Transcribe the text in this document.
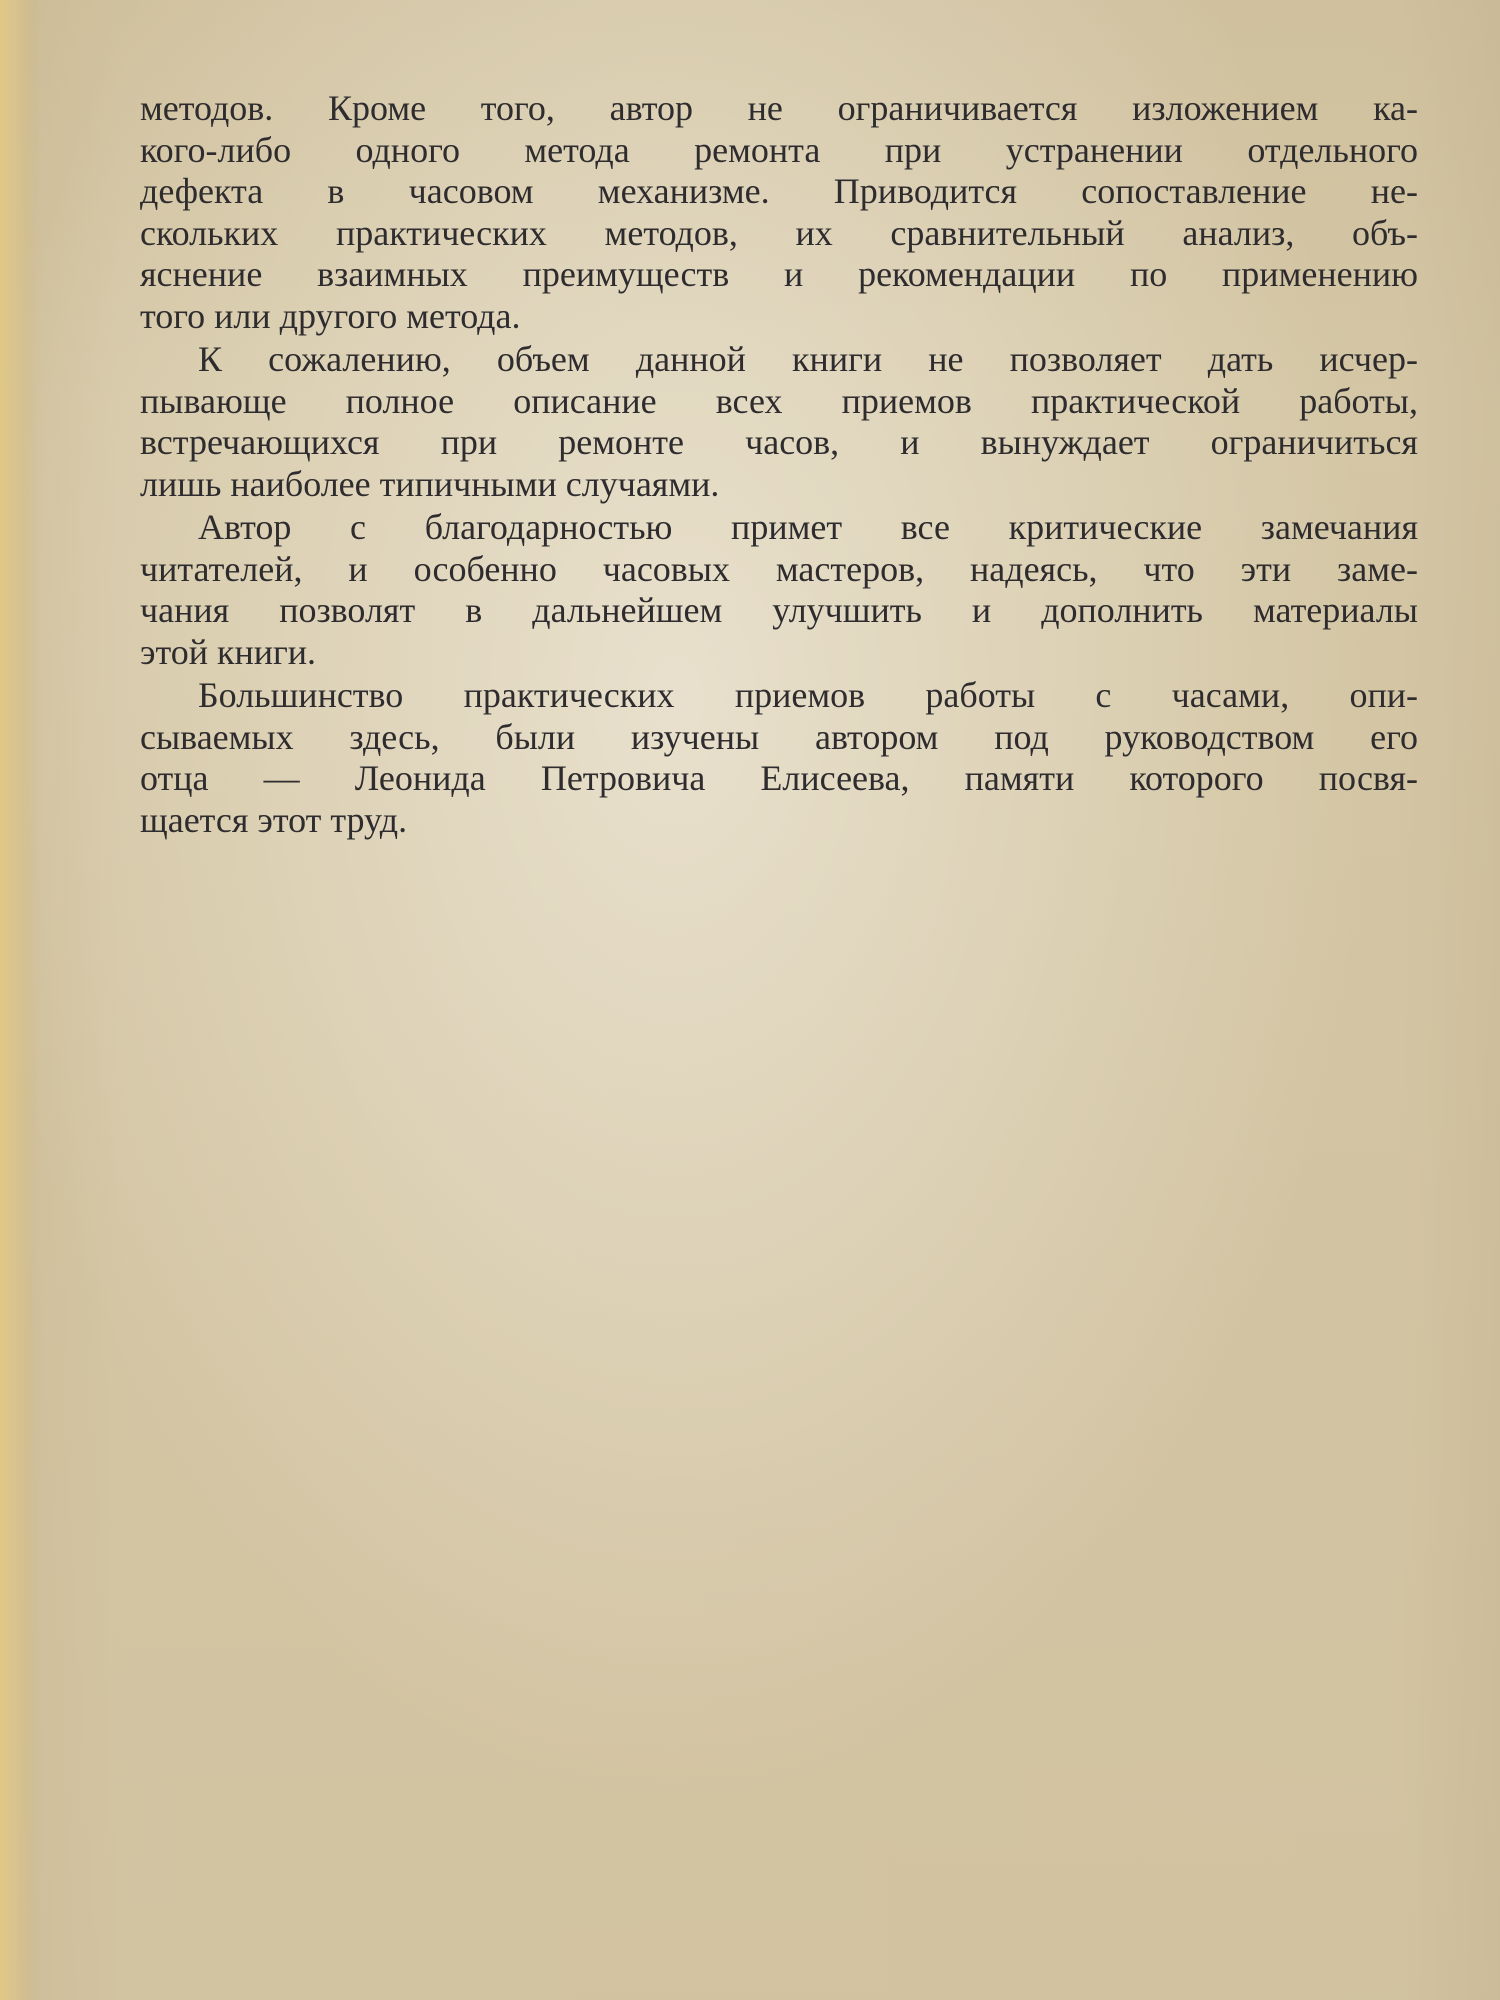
методов. Кроме того, автор не ограничивается изложением ка-
кого-либо одного метода ремонта при устранении отдельного
дефекта в часовом механизме. Приводится сопоставление не-
скольких практических методов, их сравнительный анализ, объ-
яснение взаимных преимуществ и рекомендации по применению
того или другого метода.
К сожалению, объем данной книги не позволяет дать исчер-
пывающе полное описание всех приемов практической работы,
встречающихся при ремонте часов, и вынуждает ограничиться
лишь наиболее типичными случаями.
Автор с благодарностью примет все критические замечания
читателей, и особенно часовых мастеров, надеясь, что эти заме-
чания позволят в дальнейшем улучшить и дополнить материалы
этой книги.
Большинство практических приемов работы с часами, опи-
сываемых здесь, были изучены автором под руководством его
отца — Леонида Петровича Елисеева, памяти которого посвя-
щается этот труд.
